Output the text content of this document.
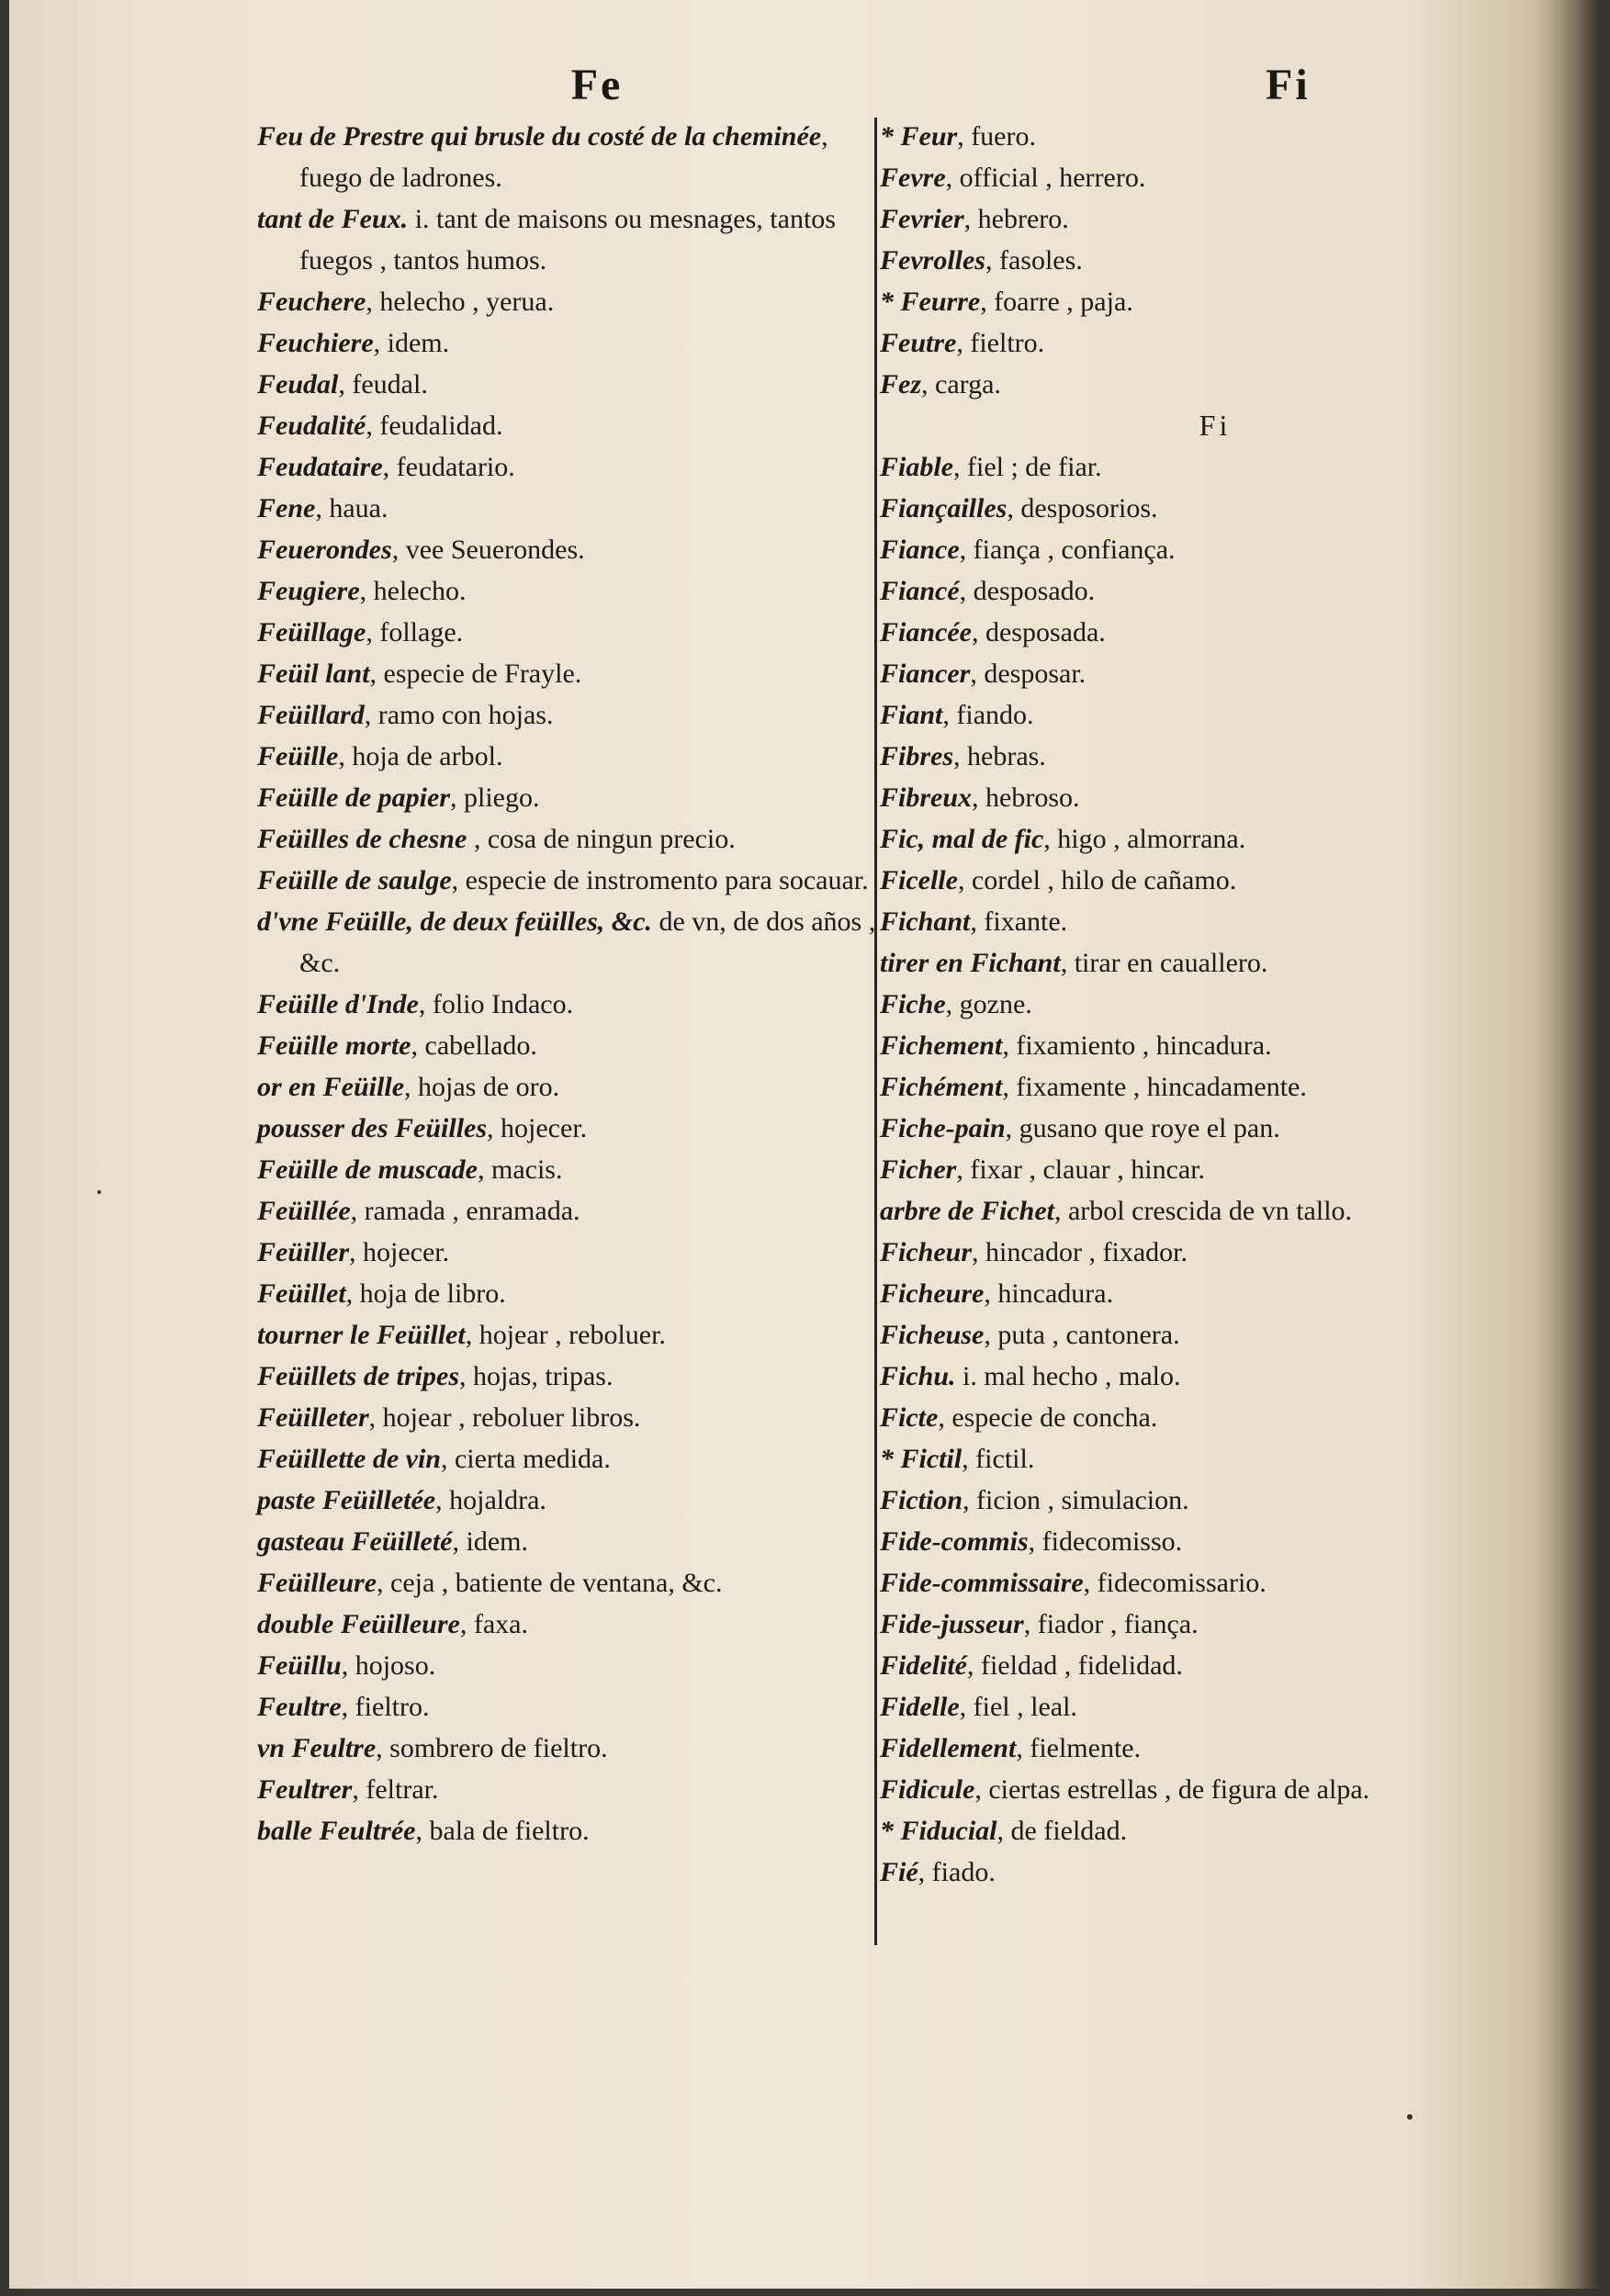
Fe
Feu de Prestre qui brusle du costé de la cheminée, fuego de ladrones.
tant de Feux. i. tant de maisons ou mesnages, tantos fuegos , tantos humos.
Feuchere, helecho , yerua.
Feuchiere, idem.
Feudal, feudal.
Feudalité, feudalidad.
Feudataire, feudatario.
Fene, haua.
Feuerondes, vee Seuerondes.
Feugiere, helecho.
Feüillage, follage.
Feüil lant, especie de Frayle.
Feüillard, ramo con hojas.
Feüille, hoja de arbol.
Feüille de papier, pliego.
Feüilles de chesne , cosa de ningun precio.
Feüille de saulge, especie de instromento para socauar.
d'vne Feüille, de deux feüilles, &c. de vn, de dos años , &c.
Feüille d'Inde, folio Indaco.
Feüille morte, cabellado.
or en Feüille, hojas de oro.
pousser des Feüilles, hojecer.
Feüille de muscade, macis.
Feüillée, ramada , enramada.
Feüiller, hojecer.
Feüillet, hoja de libro.
tourner le Feüillet, hojear , reboluer.
Feüillets de tripes, hojas, tripas.
Feüilleter, hojear , reboluer libros.
Feüillette de vin, cierta medida.
paste Feüilletée, hojaldra.
gasteau Feüilleté, idem.
Feüilleure, ceja , batiente de ventana, &c.
double Feüilleure, faxa.
Feüillu, hojoso.
Feultre, fieltro.
vn Feultre, sombrero de fieltro.
Feultrer, feltrar.
balle Feultrée, bala de fieltro.
Fi
* Feur, fuero.
Fevre, official , herrero.
Fevrier, hebrero.
Fevrolles, fasoles.
* Feurre, foarre , paja.
Feutre, fieltro.
Fez, carga.
Fi
Fiable, fiel ; de fiar.
Fiançailles, desposorios.
Fiance, fiança , confiança.
Fiancé, desposado.
Fiancée, desposada.
Fiancer, desposar.
Fiant, fiando.
Fibres, hebras.
Fibreux, hebroso.
Fic, mal de fic, higo , almorrana.
Ficelle, cordel , hilo de cañamo.
Fichant, fixante.
tirer en Fichant, tirar en cauallero.
Fiche, gozne.
Fichement, fixamiento , hincadura.
Fichément, fixamente , hincadamente.
Fiche-pain, gusano que roye el pan.
Ficher, fixar , clauar , hincar.
arbre de Fichet, arbol crescida de vn tallo.
Ficheur, hincador , fixador.
Ficheure, hincadura.
Ficheuse, puta , cantonera.
Fichu. i. mal hecho , malo.
Ficte, especie de concha.
* Fictil, fictil.
Fiction, ficion , simulacion.
Fide-commis, fidecomisso.
Fide-commissaire, fidecomissario.
Fide-jusseur, fiador , fiança.
Fidelité, fieldad , fidelidad.
Fidelle, fiel , leal.
Fidellement, fielmente.
Fidicule, ciertas estrellas , de figura de alpa.
* Fiducial, de fieldad.
Fié, fiado.
